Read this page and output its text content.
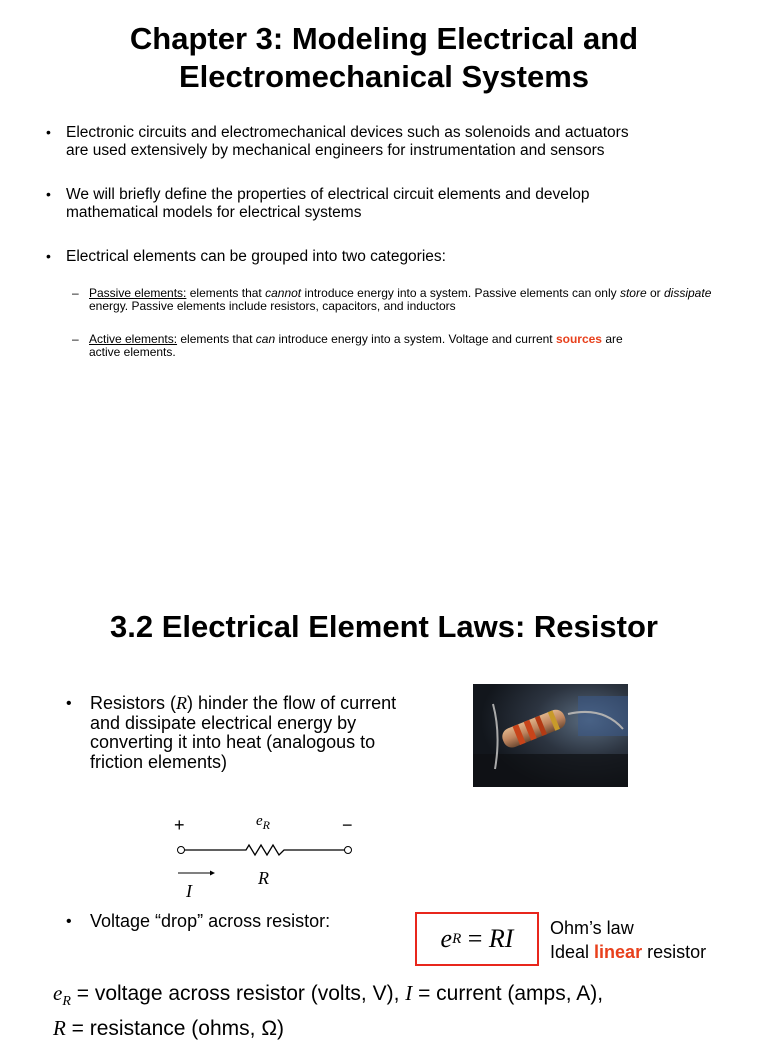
Chapter 3: Modeling Electrical and
Electromechanical Systems
• Electronic circuits and electromechanical devices such as solenoids and actuators
are used extensively by mechanical engineers for instrumentation and sensors
• We will briefly define the properties of electrical circuit elements and develop
mathematical models for electrical systems
• Electrical elements can be grouped into two categories:
– Passive elements: elements that cannot introduce energy into a system. Passive elements can only store or dissipate energy. Passive elements include resistors, capacitors, and inductors
– Active elements: elements that can introduce energy into a system. Voltage and current sources are
active elements.
3.2 Electrical Element Laws: Resistor
• Resistors (R) hinder the flow of current
and dissipate electrical energy by
converting it into heat (analogous to
friction elements)
+	−
$e_R$
R
I
• Voltage “drop” across resistor:
e R = RI Ohm’s law
Ideal linear resistor
$e_R$ = voltage across resistor (volts, V), I = current (amps, A),
R = resistance (ohms, Ω)
